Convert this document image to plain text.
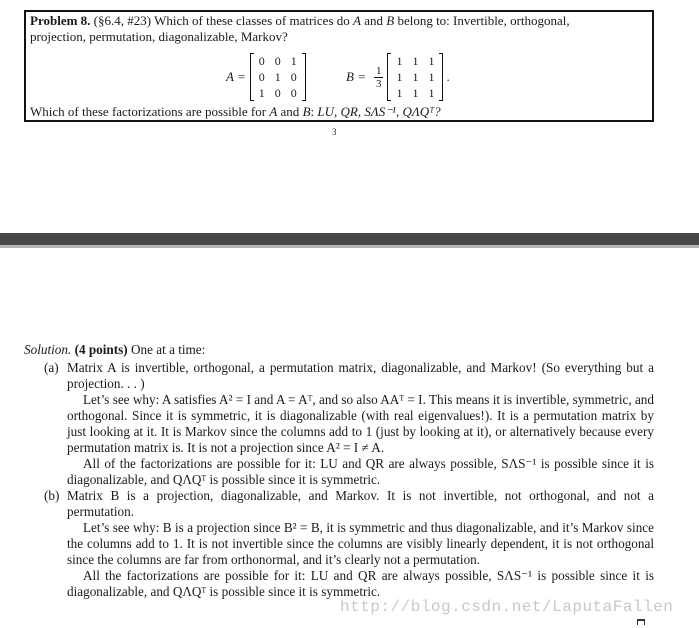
Problem 8. (§6.4, #23) Which of these classes of matrices do A and B belong to: Invertible, orthogonal,
projection, permutation, diagonalizable, Markov?
A =
0 0 1
0 1 0
1 0 0
$B = \frac{1}{3}$
1 1 1
1 1 1
1 1 1
.
Which of these factorizations are possible for A and B: LU, QR, SΛS⁻¹, QΛQᵀ?
3
Solution. (4 points) One at a time:
(a) Matrix A is invertible, orthogonal, a permutation matrix, diagonalizable, and Markov! (So everything but a projection. . . )
Let’s see why: A satisfies A² = I and A = Aᵀ, and so also AAᵀ = I. This means it is invertible, symmetric, and orthogonal. Since it is symmetric, it is diagonalizable (with real eigenvalues!). It is a permutation matrix by just looking at it. It is Markov since the columns add to 1 (just by looking at it), or alternatively because every permutation matrix is. It is not a projection since A² = I ≠ A.
All of the factorizations are possible for it: LU and QR are always possible, SΛS⁻¹ is possible since it is diagonalizable, and QΛQᵀ is possible since it is symmetric.
(b) Matrix B is a projection, diagonalizable, and Markov. It is not invertible, not orthogonal, and not a permutation.
Let’s see why: B is a projection since B² = B, it is symmetric and thus diagonalizable, and it’s Markov since the columns add to 1. It is not invertible since the columns are visibly linearly dependent, it is not orthogonal since the columns are far from orthonormal, and it’s clearly not a permutation.
All the factorizations are possible for it: LU and QR are always possible, SΛS⁻¹ is possible since it is diagonalizable, and QΛQᵀ is possible since it is symmetric.
http://blog.csdn.net/LaputaFallen
